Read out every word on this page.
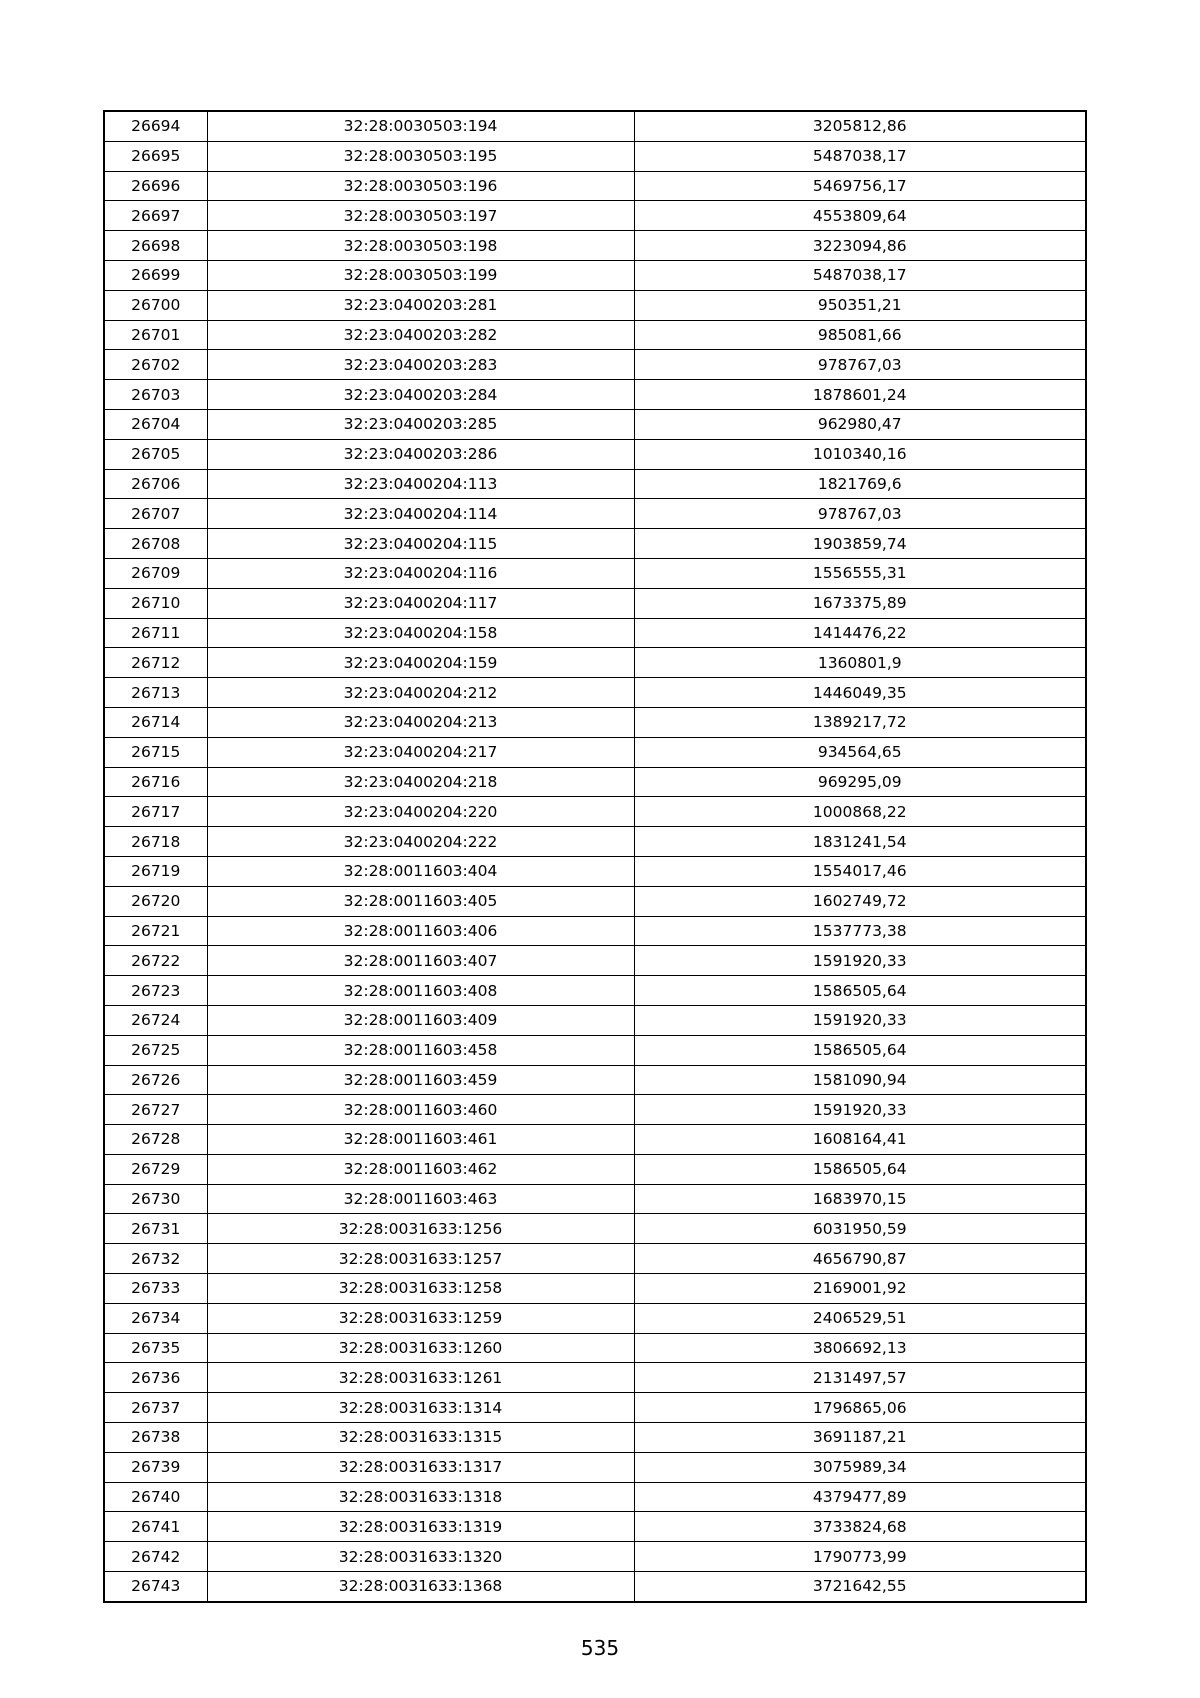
26694	32:28:0030503:194	3205812,86
26695	32:28:0030503:195	5487038,17
26696	32:28:0030503:196	5469756,17
26697	32:28:0030503:197	4553809,64
26698	32:28:0030503:198	3223094,86
26699	32:28:0030503:199	5487038,17
26700	32:23:0400203:281	950351,21
26701	32:23:0400203:282	985081,66
26702	32:23:0400203:283	978767,03
26703	32:23:0400203:284	1878601,24
26704	32:23:0400203:285	962980,47
26705	32:23:0400203:286	1010340,16
26706	32:23:0400204:113	1821769,6
26707	32:23:0400204:114	978767,03
26708	32:23:0400204:115	1903859,74
26709	32:23:0400204:116	1556555,31
26710	32:23:0400204:117	1673375,89
26711	32:23:0400204:158	1414476,22
26712	32:23:0400204:159	1360801,9
26713	32:23:0400204:212	1446049,35
26714	32:23:0400204:213	1389217,72
26715	32:23:0400204:217	934564,65
26716	32:23:0400204:218	969295,09
26717	32:23:0400204:220	1000868,22
26718	32:23:0400204:222	1831241,54
26719	32:28:0011603:404	1554017,46
26720	32:28:0011603:405	1602749,72
26721	32:28:0011603:406	1537773,38
26722	32:28:0011603:407	1591920,33
26723	32:28:0011603:408	1586505,64
26724	32:28:0011603:409	1591920,33
26725	32:28:0011603:458	1586505,64
26726	32:28:0011603:459	1581090,94
26727	32:28:0011603:460	1591920,33
26728	32:28:0011603:461	1608164,41
26729	32:28:0011603:462	1586505,64
26730	32:28:0011603:463	1683970,15
26731	32:28:0031633:1256	6031950,59
26732	32:28:0031633:1257	4656790,87
26733	32:28:0031633:1258	2169001,92
26734	32:28:0031633:1259	2406529,51
26735	32:28:0031633:1260	3806692,13
26736	32:28:0031633:1261	2131497,57
26737	32:28:0031633:1314	1796865,06
26738	32:28:0031633:1315	3691187,21
26739	32:28:0031633:1317	3075989,34
26740	32:28:0031633:1318	4379477,89
26741	32:28:0031633:1319	3733824,68
26742	32:28:0031633:1320	1790773,99
26743	32:28:0031633:1368	3721642,55
535
